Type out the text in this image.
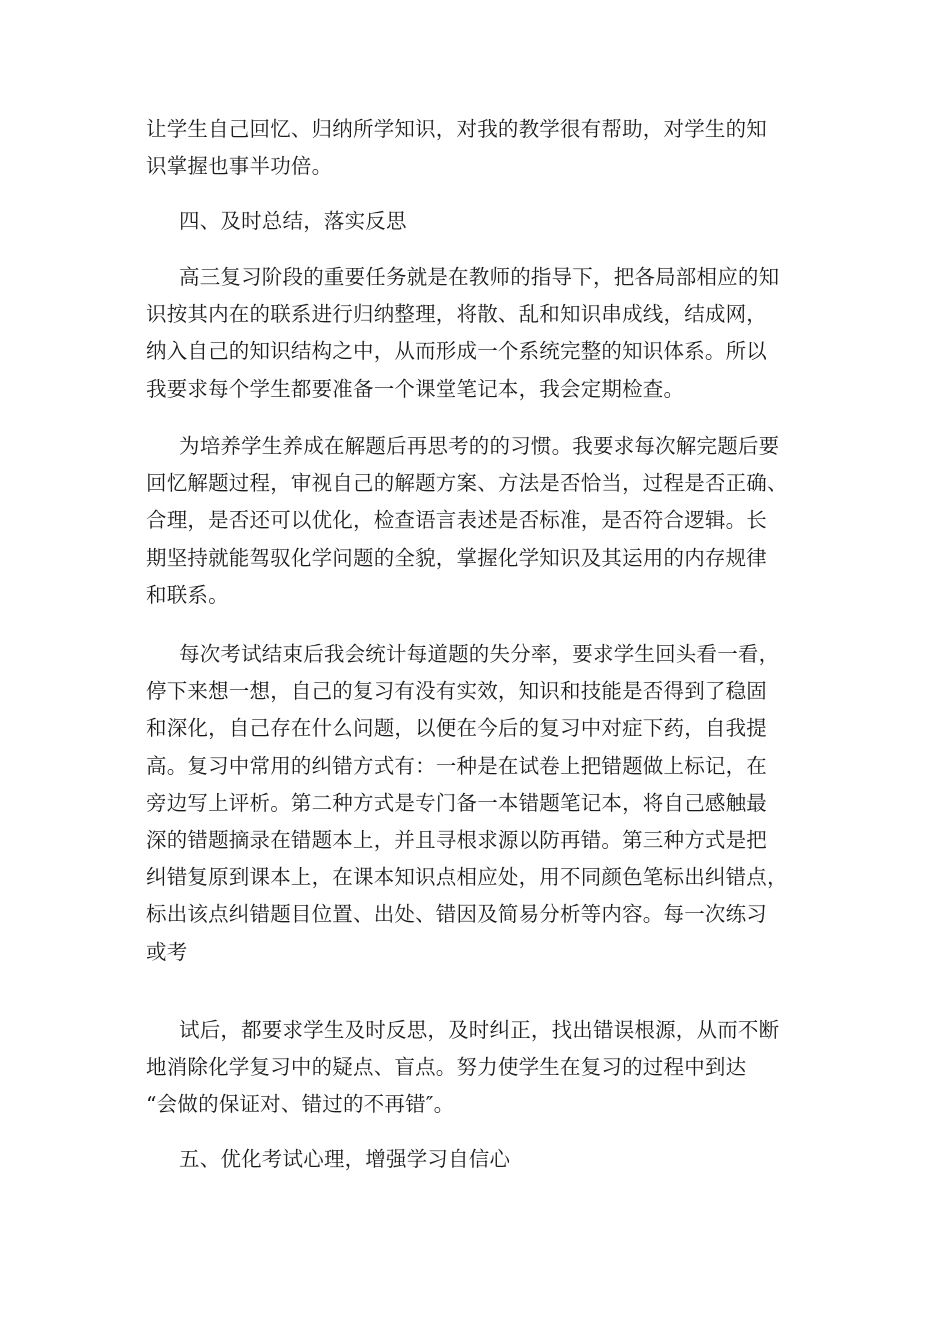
让学生自己回忆、归纳所学知识，对我的教学很有帮助，对学生的知
识掌握也事半功倍。
四、及时总结，落实反思
高三复习阶段的重要任务就是在教师的指导下，把各局部相应的知
识按其内在的联系进行归纳整理，将散、乱和知识串成线，结成网，
纳入自己的知识结构之中，从而形成一个系统完整的知识体系。所以
我要求每个学生都要准备一个课堂笔记本，我会定期检查。
为培养学生养成在解题后再思考的的习惯。我要求每次解完题后要
回忆解题过程，审视自己的解题方案、方法是否恰当，过程是否正确、
合理，是否还可以优化，检查语言表述是否标准，是否符合逻辑。长
期坚持就能驾驭化学问题的全貌，掌握化学知识及其运用的内存规律
和联系。
每次考试结束后我会统计每道题的失分率，要求学生回头看一看，
停下来想一想，自己的复习有没有实效，知识和技能是否得到了稳固
和深化，自己存在什么问题，以便在今后的复习中对症下药，自我提
高。复习中常用的纠错方式有：一种是在试卷上把错题做上标记，在
旁边写上评析。第二种方式是专门备一本错题笔记本，将自己感触最
深的错题摘录在错题本上，并且寻根求源以防再错。第三种方式是把
纠错复原到课本上，在课本知识点相应处，用不同颜色笔标出纠错点，
标出该点纠错题目位置、出处、错因及简易分析等内容。每一次练习
或考
试后，都要求学生及时反思，及时纠正，找出错误根源，从而不断
地消除化学复习中的疑点、盲点。努力使学生在复习的过程中到达
“会做的保证对、错过的不再错″。
五、优化考试心理，增强学习自信心
